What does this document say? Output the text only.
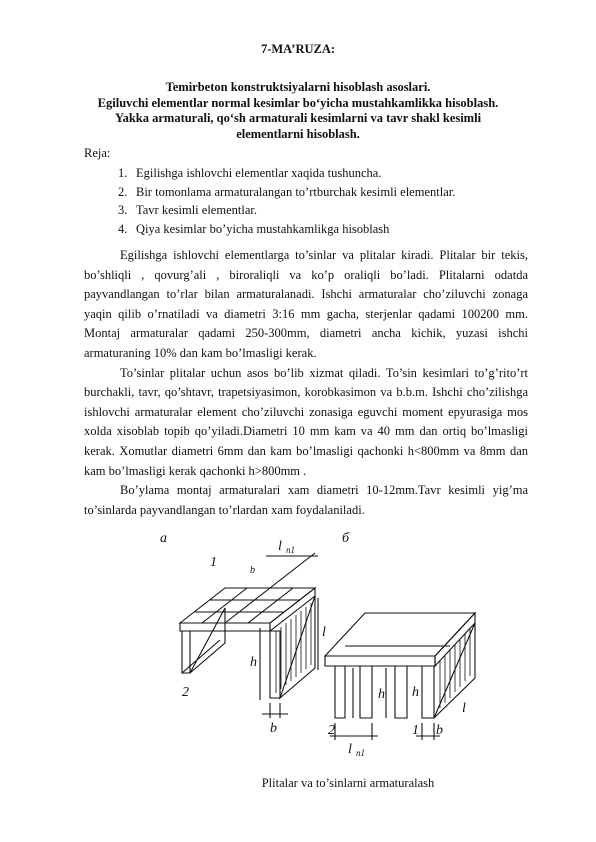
7-MA’RUZA:
Temirbeton konstruktsiyalarni hisoblash asoslari.
Egiluvchi elementlar normal kesimlar bo‘yicha mustahkamlikka hisoblash.
Yakka armaturali, qo‘sh armaturali kesimlarni va tavr shakl kesimli
elementlarni hisoblash.
Reja:
1. Egilishga ishlovchi elementlar xaqida tushuncha.
2. Bir tomonlama armaturalangan to’rtburchak kesimli elementlar.
3. Tavr kesimli elementlar.
4. Qiya kesimlar bo’yicha mustahkamlikga hisoblash

Egilishga ishlovchi elementlarga to’sinlar va plitalar kiradi. Plitalar bir tekis, bo’shliqli , qovurg’ali , biroraliqli va ko’p oraliqli bo’ladi. Plitalarni odatda payvandlangan to’rlar bilan armaturalanadi. Ishchi armaturalar cho’ziluvchi zonaga yaqin qilib o’rnatiladi va diametri 3:16 mm gacha, sterjenlar qadami 100200 mm. Montaj armaturalar qadami 250-300mm, diametri ancha kichik, yuzasi ishchi armaturaning 10% dan kam bo’lmasligi kerak.

To’sinlar plitalar uchun asos bo’lib xizmat qiladi. To’sin kesimlari to’g’rito’rt burchakli, tavr, qo’shtavr, trapetsiyasimon, korobkasimon va b.b.m. Ishchi cho’zilishga ishlovchi armaturalar element cho’ziluvchi zonasiga eguvchi moment epyurasiga mos xolda xisoblab topib qo’yiladi.Diametri 10 mm kam va 40 mm dan ortiq bo’lmasligi kerak. Xomutlar diametri 6mm dan kam bo’lmasligi qachonki h<800mm va 8mm dan kam bo’lmasligi kerak qachonki h>800mm .

Bo’ylama montaj armaturalari xam diametri 10-12mm.Tavr kesimli yig’ma to’sinlarda payvandlangan to’rlardan xam foydalaniladi.

a	б
l n1
1
2
b
h
l
b	2	1 b
l n1
h h
l
Plitalar va to’sinlarni armaturalash
